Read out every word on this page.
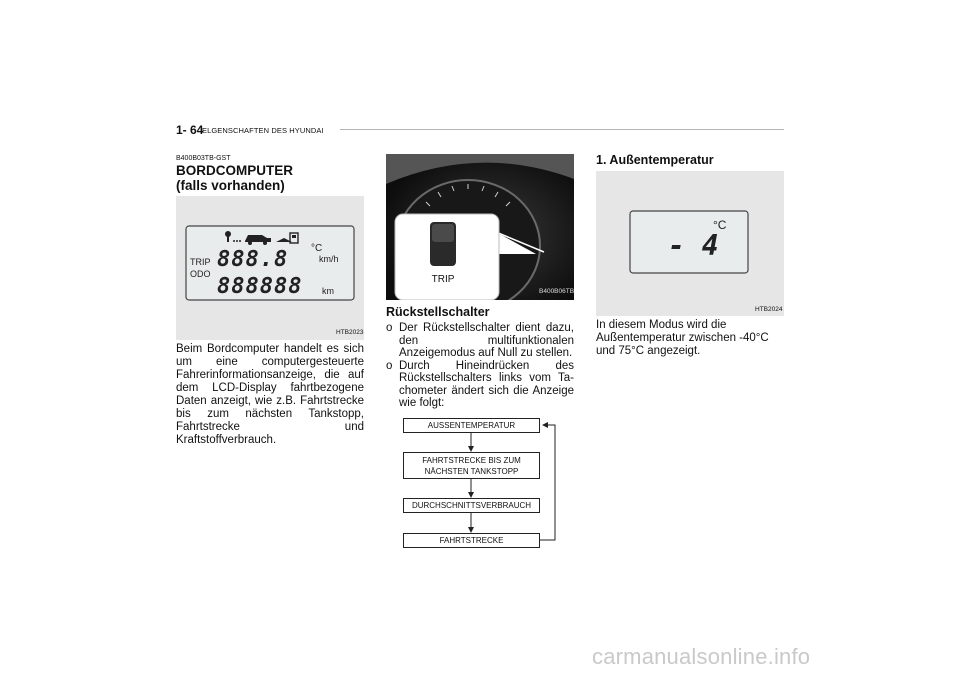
1- 64
ELGENSCHAFTEN DES HYUNDAI
B400B03TB-GST
BORDCOMPUTER
(falls vorhanden)
TRIP
ODO
888.8
888888
°C
km/h
km
HTB2023

Beim Bordcomputer handelt es sich um eine computergesteuerte Fahrerinformationsanzeige, die auf dem LCD-Display fahrtbezogene Daten anzeigt, wie z.B. Fahrtstrecke bis zum nächsten Tankstopp, Fahrtstrecke und Kraftstoffverbrauch.

TRIP
B400B06TB
Rückstellschalter
o Der Rückstellschalter dient dazu, den multifunktionalen Anzeigemodus auf Null zu stellen.
o Durch Hineindrücken des Rückstellschalters links vom Ta-chometer ändert sich die Anzeige wie folgt:
AUSSENTEMPERATUR
FAHRTSTRECKE BIS ZUM NÄCHSTEN TANKSTOPP
DURCHSCHNITTSVERBRAUCH
FAHRTSTRECKE
1. Außentemperatur
- 4
°C
HTB2024

In diesem Modus wird die Außentemperatur zwischen -40°C und 75°C angezeigt.

carmanualsonline.info
